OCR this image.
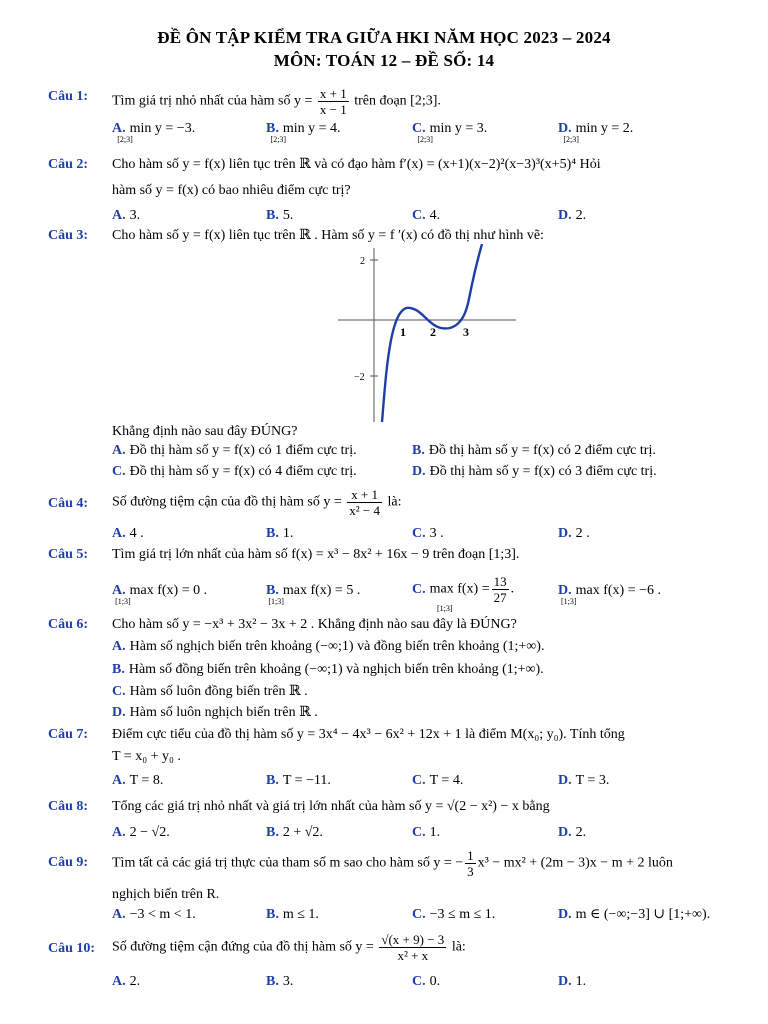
ĐỀ ÔN TẬP KIỂM TRA GIỮA HKI NĂM HỌC 2023 – 2024
MÔN: TOÁN 12 – ĐỀ SỐ: 14
Câu 1: Tìm giá trị nhỏ nhất của hàm số $y = \frac{x + 1}{x - 1}$ trên đoạn [2;3].
A. $\min y = -3._{[2;3]}$
B. $\min y = 4._{[2;3]}$
C. $\min y = 3._{[2;3]}$
D. $\min y = 2._{[2;3]}$
Câu 2: Cho hàm số y = f(x) liên tục trên ℝ và có đạo hàm f′(x) = (x+1)(x−2)²(x−3)³(x+5)⁴ Hỏi
hàm số y = f(x) có bao nhiêu điểm cực trị?
A. 3.	B. 5.	C. 4.	D. 2.
Câu 3: Cho hàm số y = f(x) liên tục trên ℝ . Hàm số y = f ′(x) có đồ thị như hình vẽ:
2
−2
1 2 3
Khẳng định nào sau đây ĐÚNG?
A. Đồ thị hàm số y = f(x) có 1 điểm cực trị.	B. Đồ thị hàm số y = f(x) có 2 điểm cực trị.
C. Đồ thị hàm số y = f(x) có 4 điểm cực trị.	D. Đồ thị hàm số y = f(x) có 3 điểm cực trị.
Câu 4: Số đường tiệm cận của đồ thị hàm số $y = \frac{x + 1}{\text{x² − 4}}$ là:
A. 4 .	B. 1.	C. 3 .	D. 2 .
Câu 5: Tìm giá trị lớn nhất của hàm số f(x) = x³ − 8x² + 16x − 9 trên đoạn [1;3].
A. max f(x) = 0 $._{[1;3]}$
B. max f(x) = 5 $._{[1;3]}$
C. $\max f(x) = \frac{13}{27}$ .
[1;3]
D. max f(x) = −6 $._{[1;3]}$
Câu 6: Cho hàm số y = −x³ + 3x² − 3x + 2 . Khẳng định nào sau đây là ĐÚNG?
A. Hàm số nghịch biến trên khoảng (−∞;1) và đồng biến trên khoảng (1;+∞).
B. Hàm số đồng biến trên khoảng (−∞;1) và nghịch biến trên khoảng (1;+∞).
C. Hàm số luôn đồng biến trên ℝ .
D. Hàm số luôn nghịch biến trên ℝ .
Câu 7: Điểm cực tiểu của đồ thị hàm số y = 3x⁴ − 4x³ − 6x² + 12x + 1 là điểm M(x₀; y₀). Tính tổng
T = x₀ + y₀ .
A. T = 8.	B. T = −11.	C. T = 4.	D. T = 3.
Câu 8: Tổng các giá trị nhỏ nhất và giá trị lớn nhất của hàm số y = √(2 − x²) − x bằng
A. 2 − √2.	B. 2 + √2.	C. 1.	D. 2.
Câu 9: Tìm tất cả các giá trị thực của tham số m sao cho hàm số y = − $\frac{1}{3} x^3 - mx^2 + (2m - 3)x - m + 2$ luôn
nghịch biến trên R.
A. −3 < m < 1.	B. m ≤ 1.	C. −3 ≤ m ≤ 1.	D. m ∈ (−∞;−3] ∪ [1;+∞).
Câu 10: Số đường tiệm cận đứng của đồ thị hàm số $y = \frac{√(x + 9) - 3}{\text{x² + x}}$ là:
A. 2.	B. 3.	C. 0.	D. 1.
